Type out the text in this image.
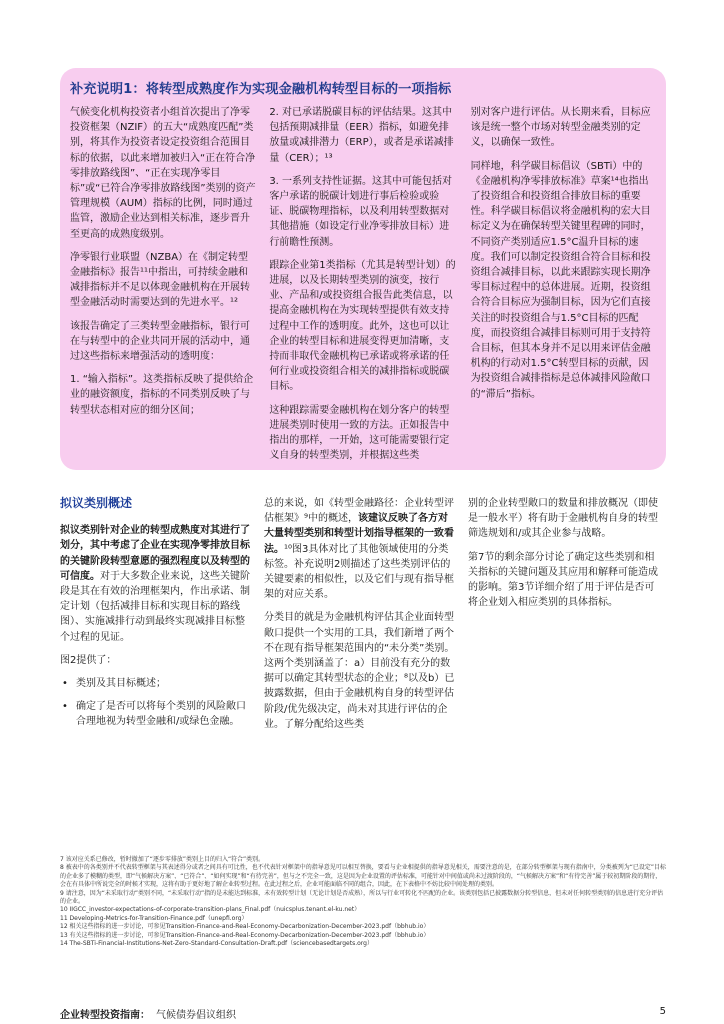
补充说明1：将转型成熟度作为实现金融机构转型目标的一项指标

气候变化机构投资者小组首次提出了净零投资框架（NZIF）的五大“成熟度匹配”类别，将其作为投资者设定投资组合范围目标的依据，以此来增加被归入“正在符合净零排放路线图”、“正在实现净零目标”或“已符合净零排放路线图”类别的资产管理规模（AUM）指标的比例，同时通过监管，激励企业达到相关标准，逐步晋升至更高的成熟度级别。

净零银行业联盟（NZBA）在《制定转型金融指标》报告¹¹中指出，可持续金融和减排指标并不足以体现金融机构在开展转型金融活动时需要达到的先进水平。¹²

该报告确定了三类转型金融指标，银行可在与转型中的企业共同开展的活动中，通过这些指标来增强活动的透明度：

1. “输入指标”。这类指标反映了提供给企业的融资额度，指标的不同类别反映了与转型状态相对应的细分区间；

2. 对已承诺脱碳目标的评估结果。这其中包括预期减排量（EER）指标，如避免排放量或减排潜力（ERP），或者是承诺减排量（CER）；¹³

3. 一系列支持性证据。这其中可能包括对客户承诺的脱碳计划进行事后检验或验证、脱碳物理指标，以及利用转型数据对其他措施（如设定行业净零排放目标）进行前瞻性预测。

跟踪企业第1类指标（尤其是转型计划）的进展，以及长期转型类别的演变，按行业、产品和/或投资组合报告此类信息，以提高金融机构在为实现转型提供有效支持过程中工作的透明度。此外，这也可以让企业的转型目标和进展变得更加清晰，支持而非取代金融机构已承诺或将承诺的任何行业或投资组合相关的减排指标或脱碳目标。

这种跟踪需要金融机构在划分客户的转型进展类别时使用一致的方法。正如报告中指出的那样，一开始，这可能需要银行定义自身的转型类别，并根据这些类

别对客户进行评估。从长期来看，目标应该是统一整个市场对转型金融类别的定义，以确保一致性。

同样地，科学碳目标倡议（SBTi）中的《金融机构净零排放标准》草案¹⁴也指出了投资组合和投资组合排放目标的重要性。科学碳目标倡议将金融机构的宏大目标定义为在确保转型关键里程碑的同时，不同资产类别适应1.5°C温升目标的速度。我们可以制定投资组合符合目标和投资组合减排目标，以此来跟踪实现长期净零目标过程中的总体进展。近期，投资组合符合目标应为强制目标，因为它们直接关注的时投资组合与1.5°C目标的匹配度，而投资组合减排目标则可用于支持符合目标，但其本身并不足以用来评估金融机构的行动对1.5°C转型目标的贡献，因为投资组合减排指标是总体减排风险敞口的“滞后”指标。

拟议类别概述

拟议类别针对企业的转型成熟度对其进行了划分，其中考虑了企业在实现净零排放目标的关键阶段转型意愿的强烈程度以及转型的可信度。对于大多数企业来说，这些关键阶段是其在有效的治理框架内，作出承诺、制定计划（包括减排目标和实现目标的路线图）、实施减排行动到最终实现减排目标整个过程的见证。

图2提供了：

• 类别及其目标概述；
• 确定了是否可以将每个类别的风险敞口合理地视为转型金融和/或绿色金融。

总的来说，如《转型金融路径：企业转型评估框架》⁹中的概述，该建议反映了各方对大量转型类别和转型计划指导框架的一致看法。¹⁰图3具体对比了其他领域使用的分类标签。补充说明2则描述了这些类别评估的关键要素的相似性，以及它们与现有指导框架的对应关系。

分类目的就是为金融机构评估其企业面转型敞口提供一个实用的工具，我们新增了两个不在现有指导框架范围内的“未分类”类别。这两个类别涵盖了：a）目前没有充分的数据可以确定其转型状态的企业；⁸以及b）已披露数据，但由于金融机构自身的转型评估阶段/优先级决定，尚未对其进行评估的企业。了解分配给这些类

别的企业转型敞口的数量和排放概况（即使是一般水平）将有助于金融机构自身的转型筛选规划和/或其企业参与战略。

第7节的剩余部分讨论了确定这些类别和相关指标的关键问题及其应用和解释可能造成的影响。第3节详细介绍了用于评估是否可将企业划入相应类别的具体指标。

7 该对应关系已修改，暂时撤加了“逐步零排放”类别上目的归入“符合”类别。
8 被表中的各类别并不代表转型框架与其表述得分或者之间具有可比性，也不代表针对框架中的指导意见可以相互替换，要看与企业相提供的指导意见相关，需要注意的是，在部分转型框架与现有指南中，分类被列为“已设定”目标的企业多了模糊的类型，即“气候解决方案”、“已符合”、“如何实现”和“有待完善”，但与之不完全一致，这是因为企业设置的评估标准，可能针对中间值或尚未过渡阶段的，“气候解决方案”和“有待完善”属于较初期阶段的期待，会在有具体中所说完全的时候才实现，这将有助于更好地了解企业转型过程。在此过程之后，企业可能面临不同的组合，因此，在下表格中不妨比较中间处理的类别。
9 请注意，因为“未采取行动”类别不同，“未采取行动”指的是未能达到标准，未有效转型计划（无论计划是否成熟），所以与行业可转化不匹配的企业。该类别包括已披露数据分转型信息，但未对任何转型类别的信息进行充分评估的企业。
10 IIGCC_investor-expectations-of-corporate-transition-plans_Final.pdf（nuicsplus.tenant.el-ku.net）
11 Developing-Metrics-for-Transition-Finance.pdf（unepfi.org）
12 相关这些指标的进一步讨论，可参见Transition-Finance-and-Real-Economy-Decarbonization-December-2023.pdf（bbhub.io）
13 有关这些指标的进一步讨论，可参见Transition-Finance-and-Real-Economy-Decarbonization-December-2023.pdf（bbhub.io）
14 The-SBTi-Financial-Institutions-Net-Zero-Standard-Consultation-Draft.pdf（sciencebasedtargets.org）
企业转型投资指南： 气候债券倡议组织	5
